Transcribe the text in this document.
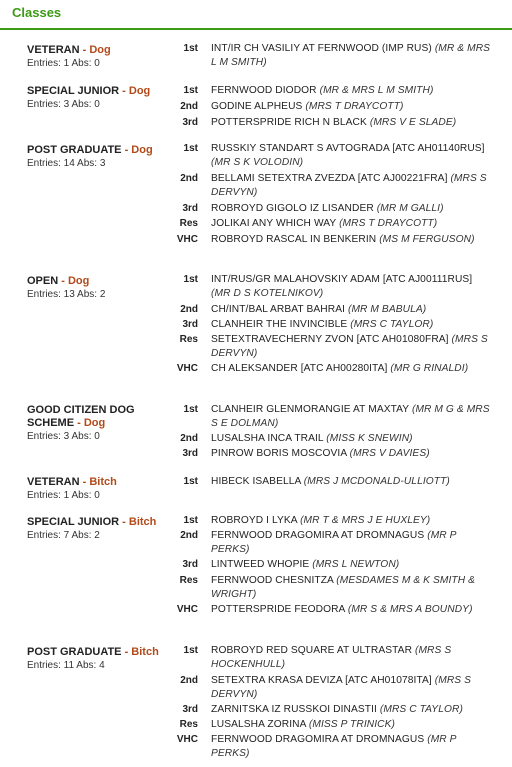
Classes
VETERAN - Dog
Entries: 1 Abs: 0
1st INT/IR CH VASILIY AT FERNWOOD (IMP RUS) (MR & MRS L M SMITH)
SPECIAL JUNIOR - Dog
Entries: 3 Abs: 0
1st FERNWOOD DIODOR (MR & MRS L M SMITH)
2nd GODINE ALPHEUS (MRS T DRAYCOTT)
3rd POTTERSPRIDE RICH N BLACK (MRS V E SLADE)
POST GRADUATE - Dog
Entries: 14 Abs: 3
1st RUSSKIY STANDART S AVTOGRADA [ATC AH01140RUS] (MR S K VOLODIN)
2nd BELLAMI SETEXTRA ZVEZDA [ATC AJ00221FRA] (MRS S DERVYN)
3rd ROBROYD GIGOLO IZ LISANDER (MR M GALLI)
Res JOLIKAI ANY WHICH WAY (MRS T DRAYCOTT)
VHC ROBROYD RASCAL IN BENKERIN (MS M FERGUSON)
OPEN - Dog
Entries: 13 Abs: 2
1st INT/RUS/GR MALAHOVSKIY ADAM [ATC AJ00111RUS] (MR D S KOTELNIKOV)
2nd CH/INT/BAL ARBAT BAHRAI (MR M BABULA)
3rd CLANHEIR THE INVINCIBLE (MRS C TAYLOR)
Res SETEXTRAVECHERNY ZVON [ATC AH01080FRA] (MRS S DERVYN)
VHC CH ALEKSANDER [ATC AH00280ITA] (MR G RINALDI)
GOOD CITIZEN DOG SCHEME - Dog
Entries: 3 Abs: 0
1st CLANHEIR GLENMORANGIE AT MAXTAY (MR M G & MRS S E DOLMAN)
2nd LUSALSHA INCA TRAIL (MISS K SNEWIN)
3rd PINROW BORIS MOSCOVIA (MRS V DAVIES)
VETERAN - Bitch
Entries: 1 Abs: 0
1st HIBECK ISABELLA (MRS J MCDONALD-ULLIOTT)
SPECIAL JUNIOR - Bitch
Entries: 7 Abs: 2
1st ROBROYD I LYKA (MR T & MRS J E HUXLEY)
2nd FERNWOOD DRAGOMIRA AT DROMNAGUS (MR P PERKS)
3rd LINTWEED WHOPIE (MRS L NEWTON)
Res FERNWOOD CHESNITZA (MESDAMES M & K SMITH & WRIGHT)
VHC POTTERSPRIDE FEODORA (MR S & MRS A BOUNDY)
POST GRADUATE - Bitch
Entries: 11 Abs: 4
1st ROBROYD RED SQUARE AT ULTRASTAR (MRS S HOCKENHULL)
2nd SETEXTRA KRASA DEVIZA [ATC AH01078ITA] (MRS S DERVYN)
3rd ZARNITSKA IZ RUSSKOI DINASTII (MRS C TAYLOR)
Res LUSALSHA ZORINA (MISS P TRINICK)
VHC FERNWOOD DRAGOMIRA AT DROMNAGUS (MR P PERKS)
